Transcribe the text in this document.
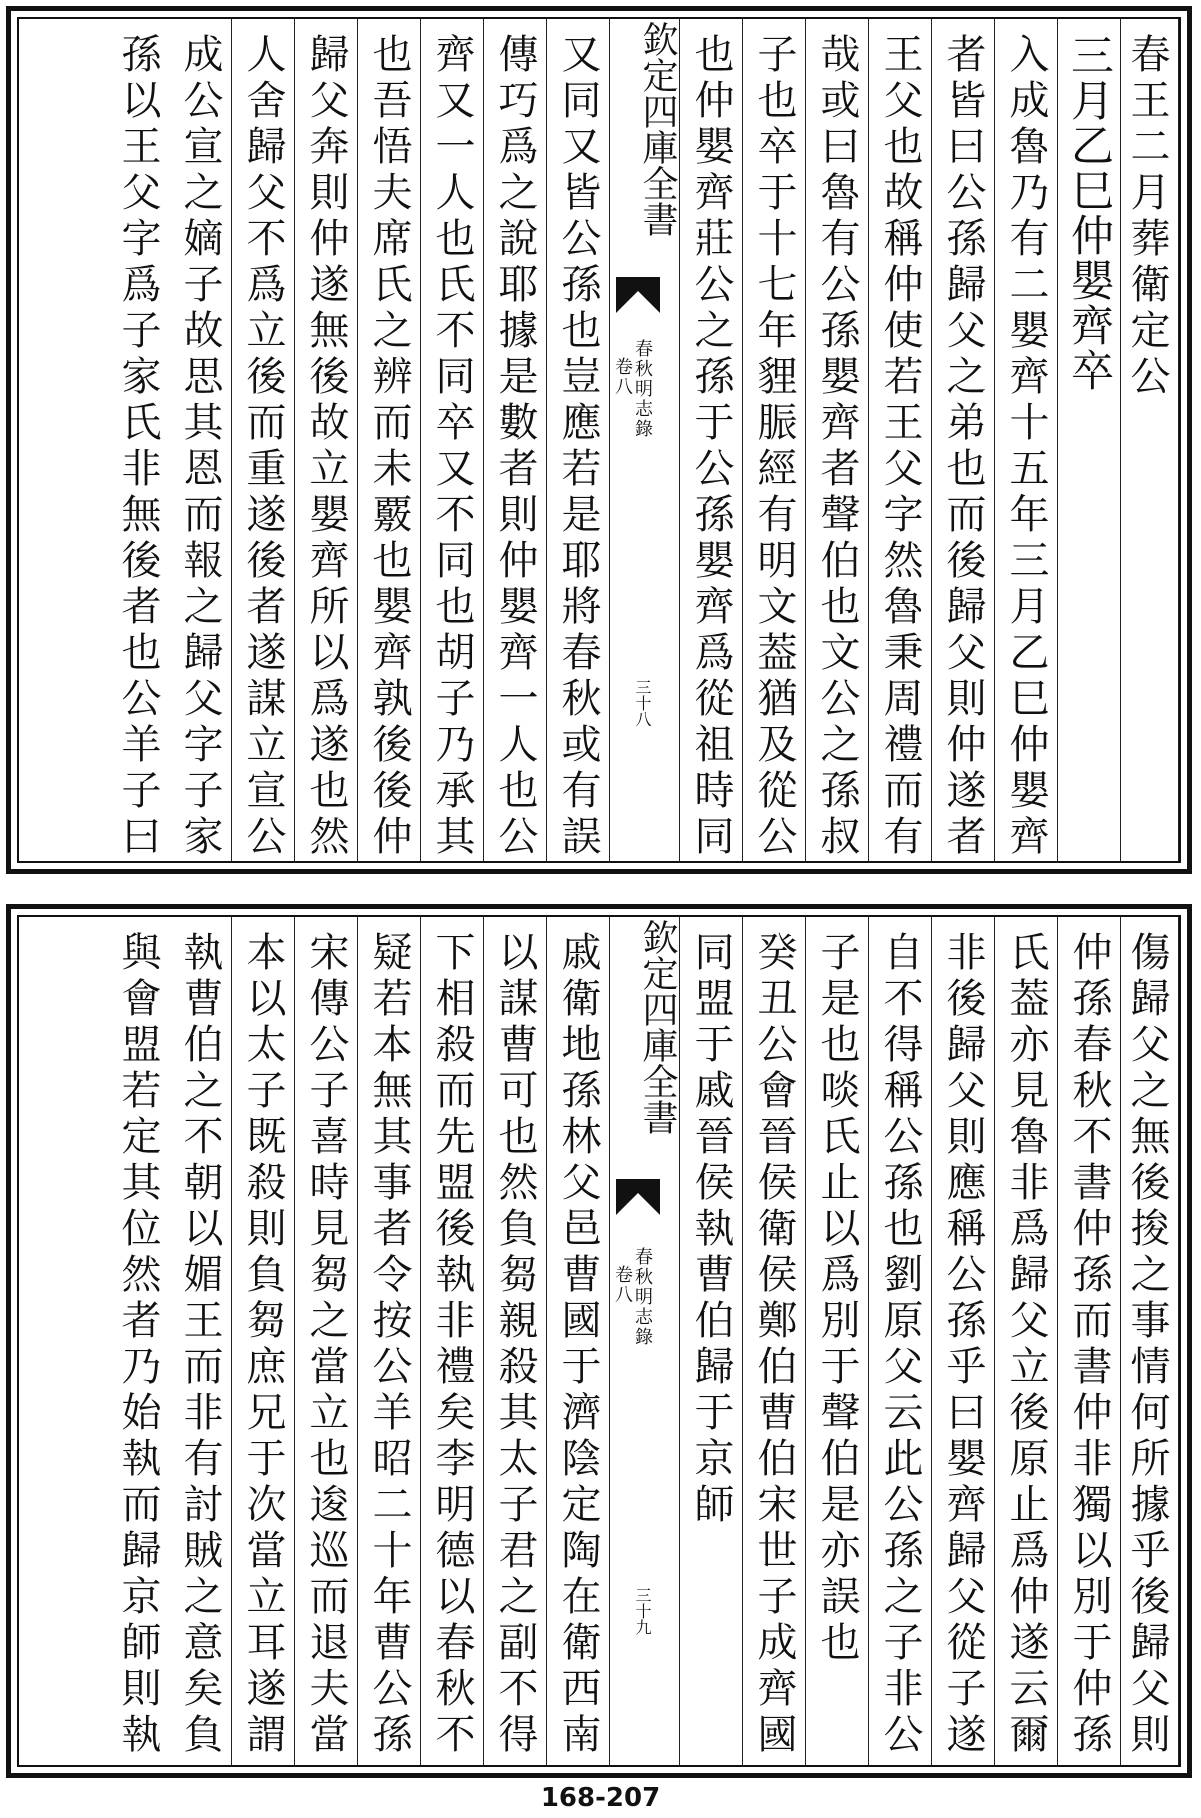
春王二月葬衛定公
三月乙巳仲嬰齊卒
入成魯乃有二嬰齊十五年三月乙巳仲嬰齊
者皆曰公孫歸父之弟也而後歸父則仲遂者
王父也故稱仲使若王父字然魯秉周禮而有
哉或曰魯有公孫嬰齊者聲伯也文公之孫叔
子也卒于十七年貍脤經有明文葢猶及從公
也仲嬰齊莊公之孫于公孫嬰齊爲從祖時同
欽定四庫全書
春秋明志錄
卷八
三十八
又同又皆公孫也豈應若是耶將春秋或有誤
傳巧爲之說耶據是數者則仲嬰齊一人也公
齊又一人也氏不同卒又不同也胡子乃承其
也吾悟夫席氏之辨而未覈也嬰齊孰後後仲
歸父奔則仲遂無後故立嬰齊所以爲遂也然
人舍歸父不爲立後而重遂後者遂謀立宣公
成公宣之嫡子故思其恩而報之歸父字子家
孫以王父字爲子家氏非無後者也公羊子曰
傷歸父之無後捘之事情何所據乎後歸父則
仲孫春秋不書仲孫而書仲非獨以別于仲孫
氏葢亦見魯非爲歸父立後原止爲仲遂云爾
非後歸父則應稱公孫乎曰嬰齊歸父從子遂
自不得稱公孫也劉原父云此公孫之子非公
子是也啖氏止以爲別于聲伯是亦誤也
癸丑公會晉侯衛侯鄭伯曹伯宋世子成齊國
同盟于戚晉侯執曹伯歸于京師
欽定四庫全書
春秋明志錄
卷八
三十九
戚衛地孫林父邑曹國于濟陰定陶在衛西南
以謀曹可也然負芻親殺其太子君之副不得
下相殺而先盟後執非禮矣李明德以春秋不
疑若本無其事者令按公羊昭二十年曹公孫
宋傳公子喜時見芻之當立也逡巡而退夫當
本以太子既殺則負芻庶兄于次當立耳遂謂
執曹伯之不朝以媚王而非有討賊之意矣負
與會盟若定其位然者乃始執而歸京師則執
168-207
